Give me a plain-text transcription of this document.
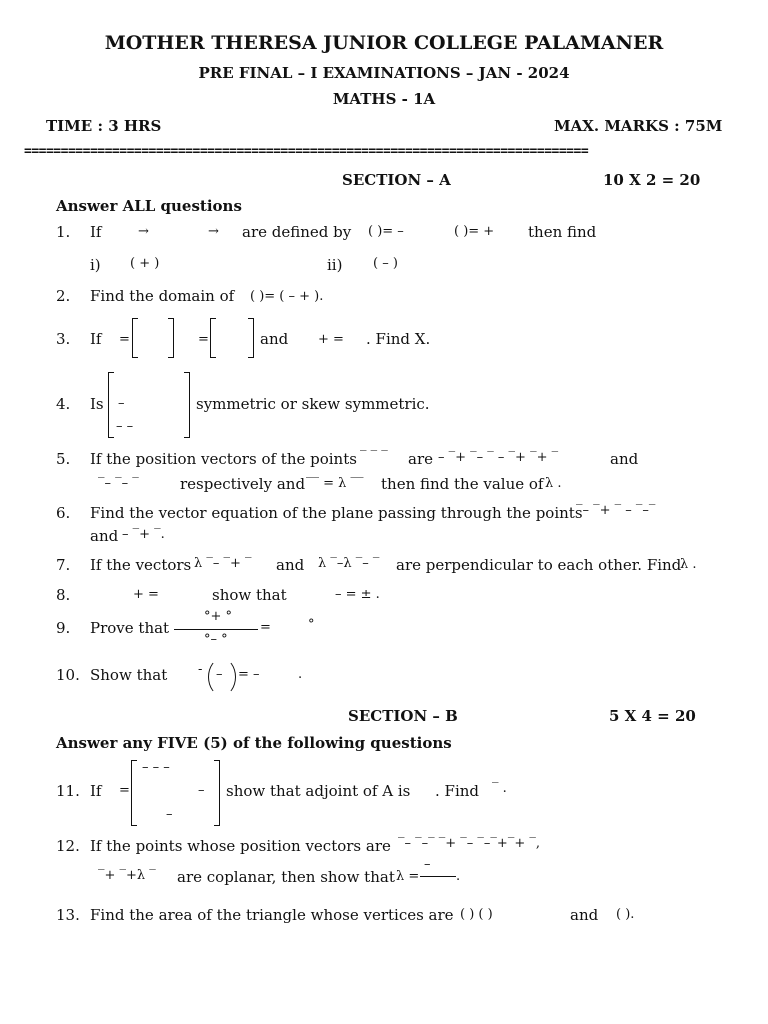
MOTHER THERESA JUNIOR COLLEGE PALAMANER
PRE FINAL – I EXAMINATIONS – JAN - 2024
MATHS - 1A
TIME : 3 HRS	MAX. MARKS : 75M
=============================================================================
SECTION – A	10 X 2 = 20
Answer ALL questions
1. If	→	→ are defined by ( )= –	( )= + then find
i) ( + )	ii) ( – )
2. Find the domain of ( )= ( – + ).
3. If =	=	and + = . Find X.
4. Is –
– –
symmetric or skew symmetric.
5. If the position vectors of the points ‾ ‾ ‾ are – ‾+ ‾– ‾ – ‾+ ‾+ ‾	and
‾– ‾– ‾	respectively and ‾‾ = λ ‾‾ then find the value of λ .
6. Find the vector equation of the plane passing through the points
‾– ‾+ ‾ – ‾–‾
and – ‾+ ‾.
7. If the vectors λ ‾– ‾+ ‾ and λ ‾–λ ‾– ‾ are perpendicular to each other. Find
λ .
8.	+ =	show that	– = ± .
9. Prove that
°+ °
°– °
=	°
10. Show that - – = –	.
SECTION – B	5 X 4 = 20
Answer any FIVE (5) of the following questions
11. If =
– – –
–
–
show that adjoint of A is . Find ‾ .
12. If the points whose position vectors are ‾– ‾–‾ ‾+ ‾– ‾–‾+‾+ ‾,
‾+ ‾+λ ‾ are coplanar, then show that λ =
–
.
13. Find the area of the triangle whose vertices are ( ) ( )	and ( ).
